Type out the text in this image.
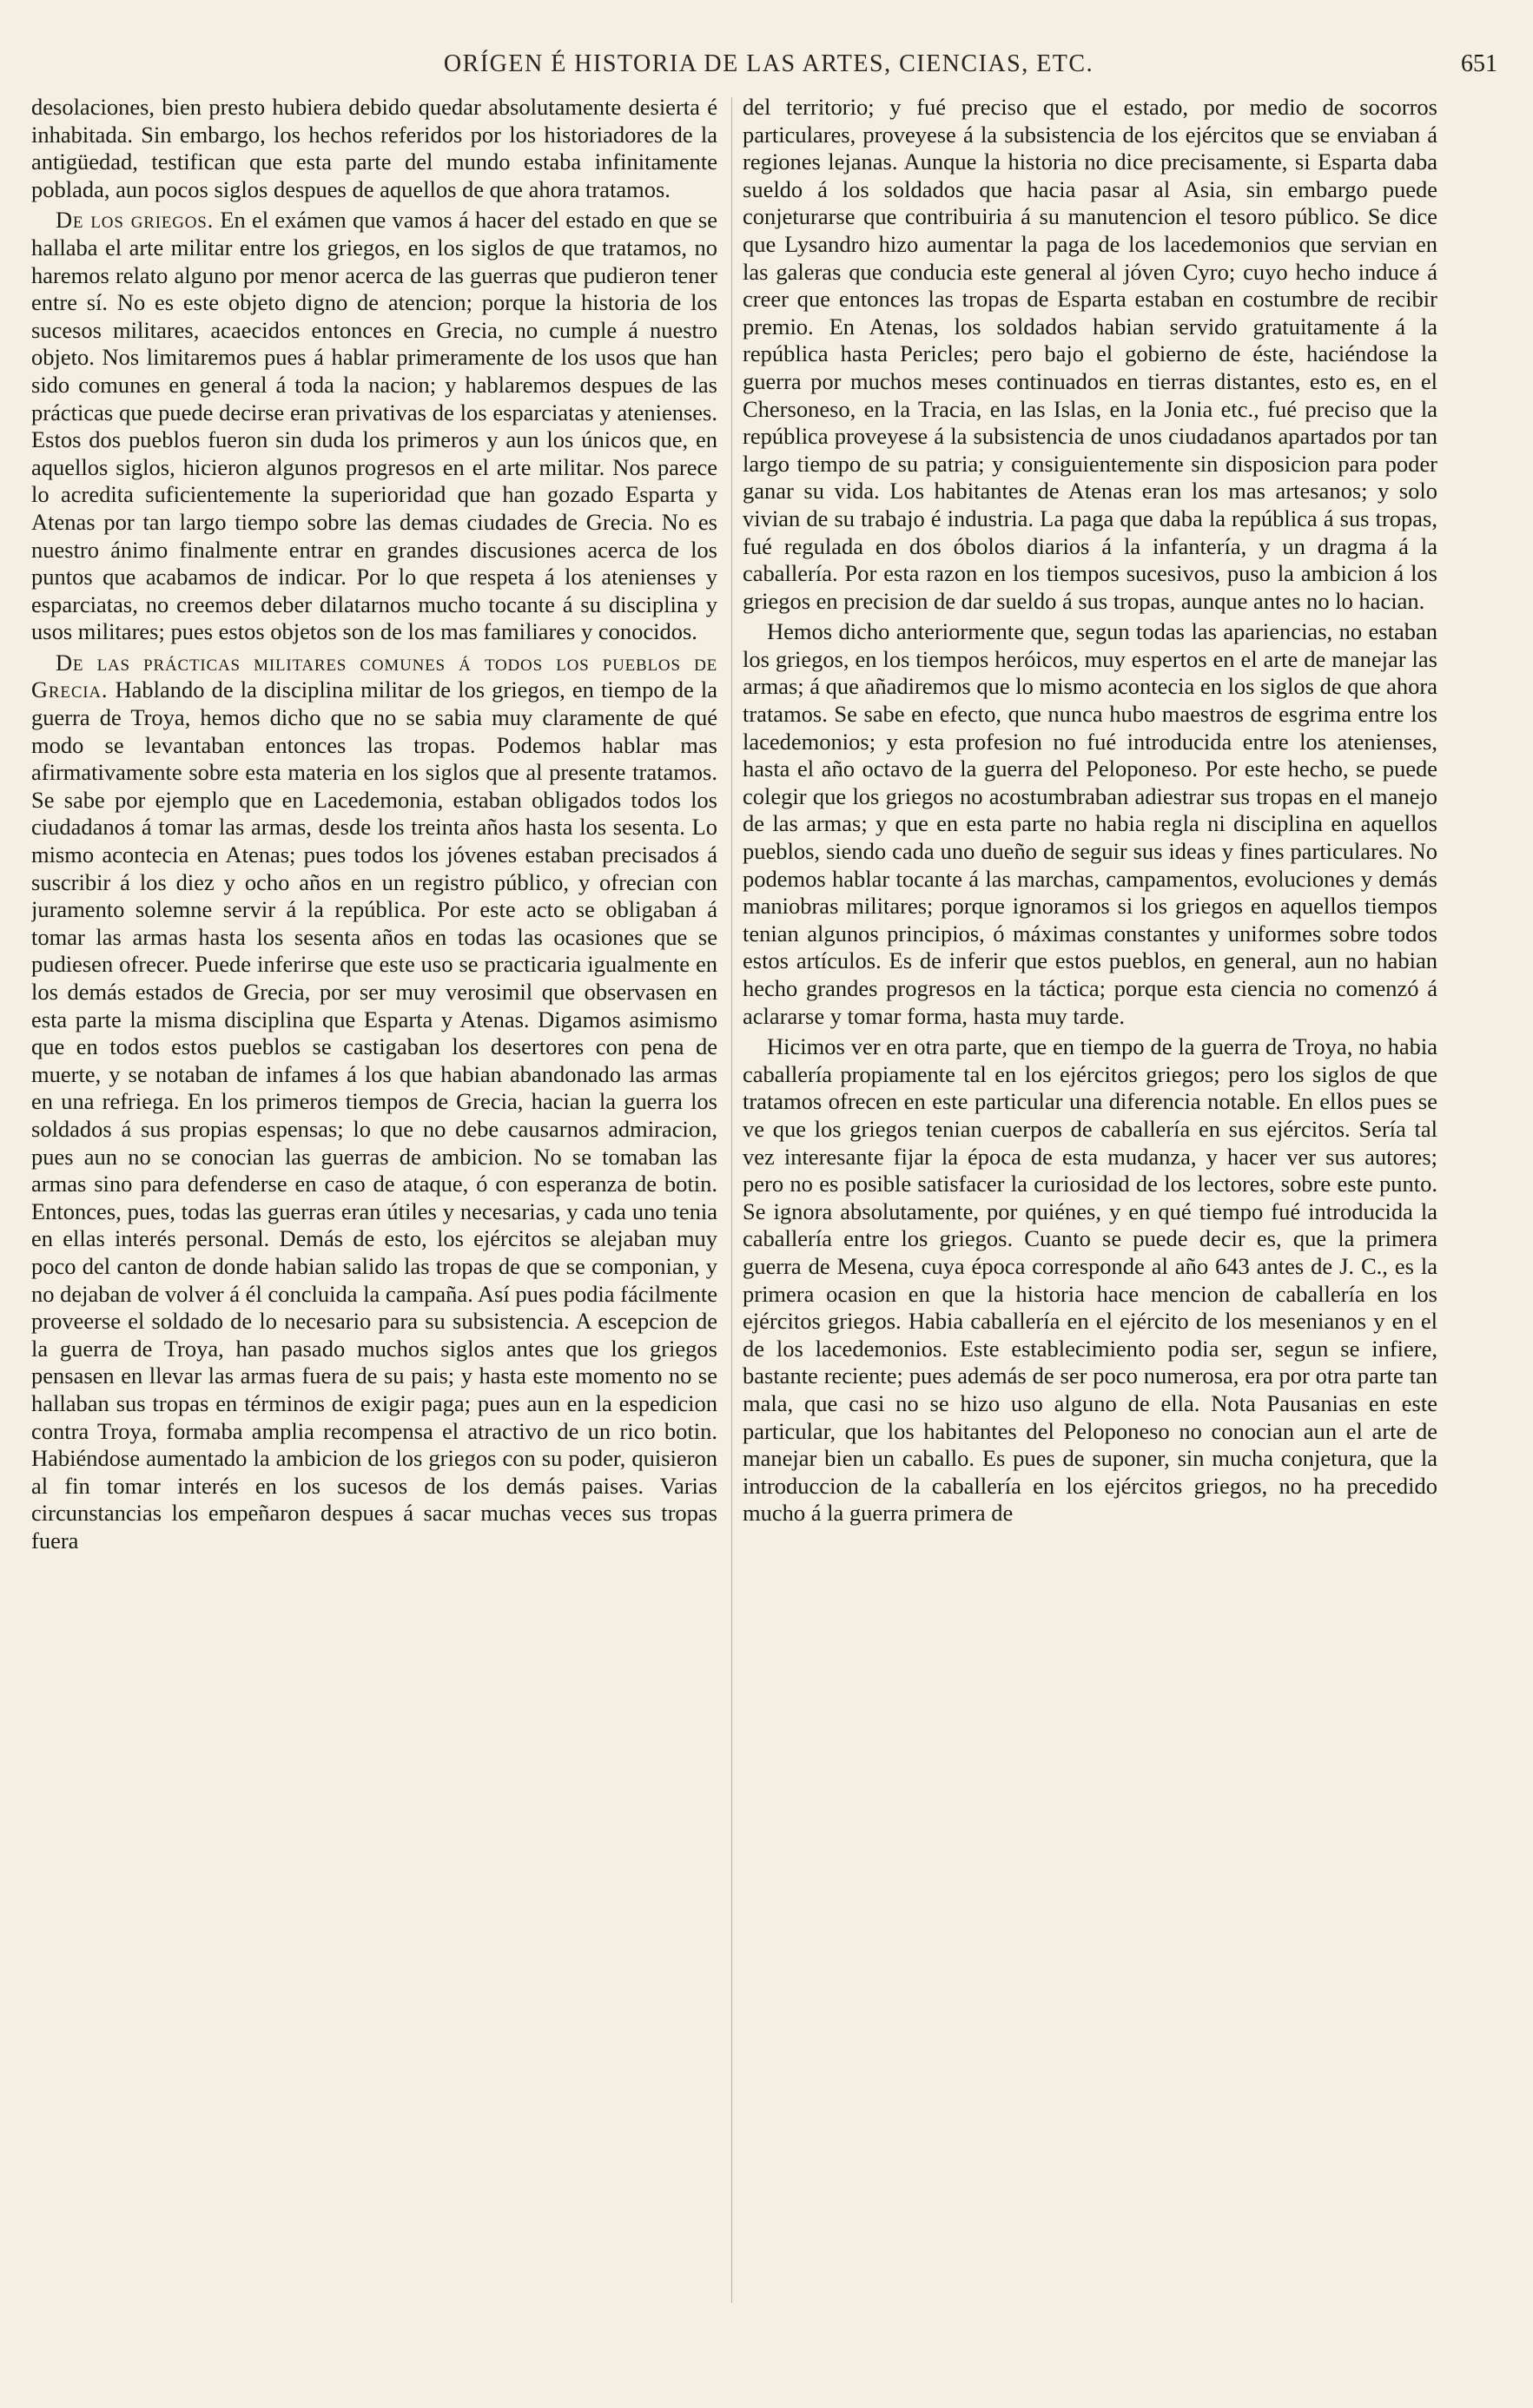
ORÍGEN É HISTORIA DE LAS ARTES, CIENCIAS, ETC.	651

desolaciones, bien presto hubiera debido quedar absolutamente desierta é inhabitada. Sin embargo, los hechos referidos por los historiadores de la antigüedad, testifican que esta parte del mundo estaba infinitamente poblada, aun pocos siglos despues de aquellos de que ahora tratamos.

De los griegos. En el exámen que vamos á hacer del estado en que se hallaba el arte militar entre los griegos, en los siglos de que tratamos, no haremos relato alguno por menor acerca de las guerras que pudieron tener entre sí. No es este objeto digno de atencion; porque la historia de los sucesos militares, acaecidos entonces en Grecia, no cumple á nuestro objeto. Nos limitaremos pues á hablar primeramente de los usos que han sido comunes en general á toda la nacion; y hablaremos despues de las prácticas que puede decirse eran privativas de los esparciatas y atenienses. Estos dos pueblos fueron sin duda los primeros y aun los únicos que, en aquellos siglos, hicieron algunos progresos en el arte militar. Nos parece lo acredita suficientemente la superioridad que han gozado Esparta y Atenas por tan largo tiempo sobre las demas ciudades de Grecia. No es nuestro ánimo finalmente entrar en grandes discusiones acerca de los puntos que acabamos de indicar. Por lo que respeta á los atenienses y esparciatas, no creemos deber dilatarnos mucho tocante á su disciplina y usos militares; pues estos objetos son de los mas familiares y conocidos.

De las prácticas militares comunes á todos los pueblos de Grecia. Hablando de la disciplina militar de los griegos, en tiempo de la guerra de Troya, hemos dicho que no se sabia muy claramente de qué modo se levantaban entonces las tropas. Podemos hablar mas afirmativamente sobre esta materia en los siglos que al presente tratamos. Se sabe por ejemplo que en Lacedemonia, estaban obligados todos los ciudadanos á tomar las armas, desde los treinta años hasta los sesenta. Lo mismo acontecia en Atenas; pues todos los jóvenes estaban precisados á suscribir á los diez y ocho años en un registro público, y ofrecian con juramento solemne servir á la república. Por este acto se obligaban á tomar las armas hasta los sesenta años en todas las ocasiones que se pudiesen ofrecer. Puede inferirse que este uso se practicaria igualmente en los demás estados de Grecia, por ser muy verosimil que observasen en esta parte la misma disciplina que Esparta y Atenas. Digamos asimismo que en todos estos pueblos se castigaban los desertores con pena de muerte, y se notaban de infames á los que habian abandonado las armas en una refriega. En los primeros tiempos de Grecia, hacian la guerra los soldados á sus propias espensas; lo que no debe causarnos admiracion, pues aun no se conocian las guerras de ambicion. No se tomaban las armas sino para defenderse en caso de ataque, ó con esperanza de botin. Entonces, pues, todas las guerras eran útiles y necesarias, y cada uno tenia en ellas interés personal. Demás de esto, los ejércitos se alejaban muy poco del canton de donde habian salido las tropas de que se componian, y no dejaban de volver á él concluida la campaña. Así pues podia fácilmente proveerse el soldado de lo necesario para su subsistencia. A escepcion de la guerra de Troya, han pasado muchos siglos antes que los griegos pensasen en llevar las armas fuera de su pais; y hasta este momento no se hallaban sus tropas en términos de exigir paga; pues aun en la espedicion contra Troya, formaba amplia recompensa el atractivo de un rico botin. Habiéndose aumentado la ambicion de los griegos con su poder, quisieron al fin tomar interés en los sucesos de los demás paises. Varias circunstancias los empeñaron despues á sacar muchas veces sus tropas fuera

del territorio; y fué preciso que el estado, por medio de socorros particulares, proveyese á la subsistencia de los ejércitos que se enviaban á regiones lejanas. Aunque la historia no dice precisamente, si Esparta daba sueldo á los soldados que hacia pasar al Asia, sin embargo puede conjeturarse que contribuiria á su manutencion el tesoro público. Se dice que Lysandro hizo aumentar la paga de los lacedemonios que servian en las galeras que conducia este general al jóven Cyro; cuyo hecho induce á creer que entonces las tropas de Esparta estaban en costumbre de recibir premio. En Atenas, los soldados habian servido gratuitamente á la república hasta Pericles; pero bajo el gobierno de éste, haciéndose la guerra por muchos meses continuados en tierras distantes, esto es, en el Chersoneso, en la Tracia, en las Islas, en la Jonia etc., fué preciso que la república proveyese á la subsistencia de unos ciudadanos apartados por tan largo tiempo de su patria; y consiguientemente sin disposicion para poder ganar su vida. Los habitantes de Atenas eran los mas artesanos; y solo vivian de su trabajo é industria. La paga que daba la república á sus tropas, fué regulada en dos óbolos diarios á la infantería, y un dragma á la caballería. Por esta razon en los tiempos sucesivos, puso la ambicion á los griegos en precision de dar sueldo á sus tropas, aunque antes no lo hacian.

Hemos dicho anteriormente que, segun todas las apariencias, no estaban los griegos, en los tiempos heróicos, muy espertos en el arte de manejar las armas; á que añadiremos que lo mismo acontecia en los siglos de que ahora tratamos. Se sabe en efecto, que nunca hubo maestros de esgrima entre los lacedemonios; y esta profesion no fué introducida entre los atenienses, hasta el año octavo de la guerra del Peloponeso. Por este hecho, se puede colegir que los griegos no acostumbraban adiestrar sus tropas en el manejo de las armas; y que en esta parte no habia regla ni disciplina en aquellos pueblos, siendo cada uno dueño de seguir sus ideas y fines particulares. No podemos hablar tocante á las marchas, campamentos, evoluciones y demás maniobras militares; porque ignoramos si los griegos en aquellos tiempos tenian algunos principios, ó máximas constantes y uniformes sobre todos estos artículos. Es de inferir que estos pueblos, en general, aun no habian hecho grandes progresos en la táctica; porque esta ciencia no comenzó á aclararse y tomar forma, hasta muy tarde.

Hicimos ver en otra parte, que en tiempo de la guerra de Troya, no habia caballería propiamente tal en los ejércitos griegos; pero los siglos de que tratamos ofrecen en este particular una diferencia notable. En ellos pues se ve que los griegos tenian cuerpos de caballería en sus ejércitos. Sería tal vez interesante fijar la época de esta mudanza, y hacer ver sus autores; pero no es posible satisfacer la curiosidad de los lectores, sobre este punto. Se ignora absolutamente, por quiénes, y en qué tiempo fué introducida la caballería entre los griegos. Cuanto se puede decir es, que la primera guerra de Mesena, cuya época corresponde al año 643 antes de J. C., es la primera ocasion en que la historia hace mencion de caballería en los ejércitos griegos. Habia caballería en el ejército de los mesenianos y en el de los lacedemonios. Este establecimiento podia ser, segun se infiere, bastante reciente; pues además de ser poco numerosa, era por otra parte tan mala, que casi no se hizo uso alguno de ella. Nota Pausanias en este particular, que los habitantes del Peloponeso no conocian aun el arte de manejar bien un caballo. Es pues de suponer, sin mucha conjetura, que la introduccion de la caballería en los ejércitos griegos, no ha precedido mucho á la guerra primera de
